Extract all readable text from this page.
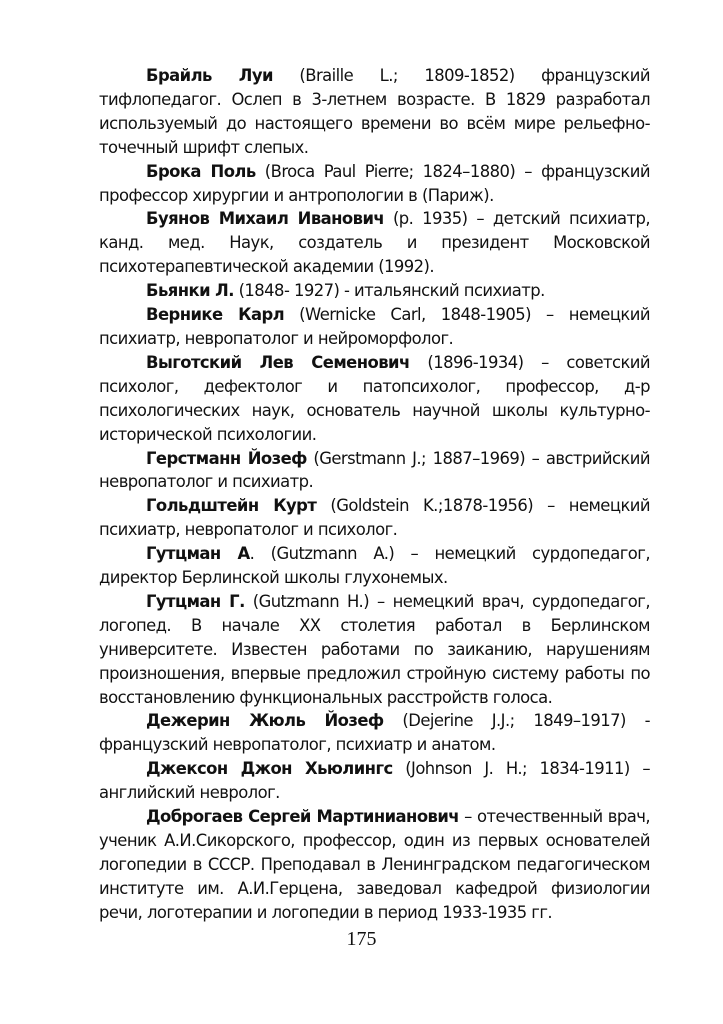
Брайль Луи (Braille L.; 1809-1852) французский тифлопедагог. Ослеп в 3-летнем возрасте. В 1829 разработал используемый до настоящего времени во всём мире рельефно-точечный шрифт слепых.

Брока Поль (Broca Paul Pierre; 1824–1880) – французский профессор хирургии и антропологии в (Париж).

Буянов Михаил Иванович (р. 1935) – детский психиатр, канд. мед. Наук, создатель и президент Московской психотерапевтической академии (1992).

Бьянки Л. (1848- 1927) - итальянский психиатр.

Вернике Карл (Wernicke Carl, 1848-1905) – немецкий психиатр, невропатолог и нейроморфолог.

Выготский Лев Семенович (1896-1934) – советский психолог, дефектолог и патопсихолог, профессор, д-р психологических наук, основатель научной школы культурно-исторической психологии.

Герстманн Йозеф (Gerstmann J.; 1887–1969) – австрийский невропатолог и психиатр.

Гольдштейн Курт (Goldstein K.;1878-1956) – немецкий психиатр, невропатолог и психолог.

Гутцман А. (Gutzmann A.) – немецкий сурдопедагог, директор Берлинской школы глухонемых.

Гутцман Г. (Gutzmann H.) – немецкий врач, сурдопедагог, логопед. В начале XX столетия работал в Берлинском университете. Известен работами по заиканию, нарушениям произношения, впервые предложил стройную систему работы по восстановлению функциональных расстройств голоса.

Дежерин Жюль Йозеф (Dejerine J.J.; 1849–1917) - французский невропатолог, психиатр и анатом.

Джексон Джон Хьюлингс (Johnson J. H.; 1834-1911) – английский невролог.

Доброгаев Сергей Мартинианович – отечественный врач, ученик А.И.Сикорского, профессор, один из первых основателей логопедии в СССР. Преподавал в Ленинградском педагогическом институте им. А.И.Герцена, заведовал кафедрой физиологии речи, логотерапии и логопедии в период 1933-1935 гг.

175
